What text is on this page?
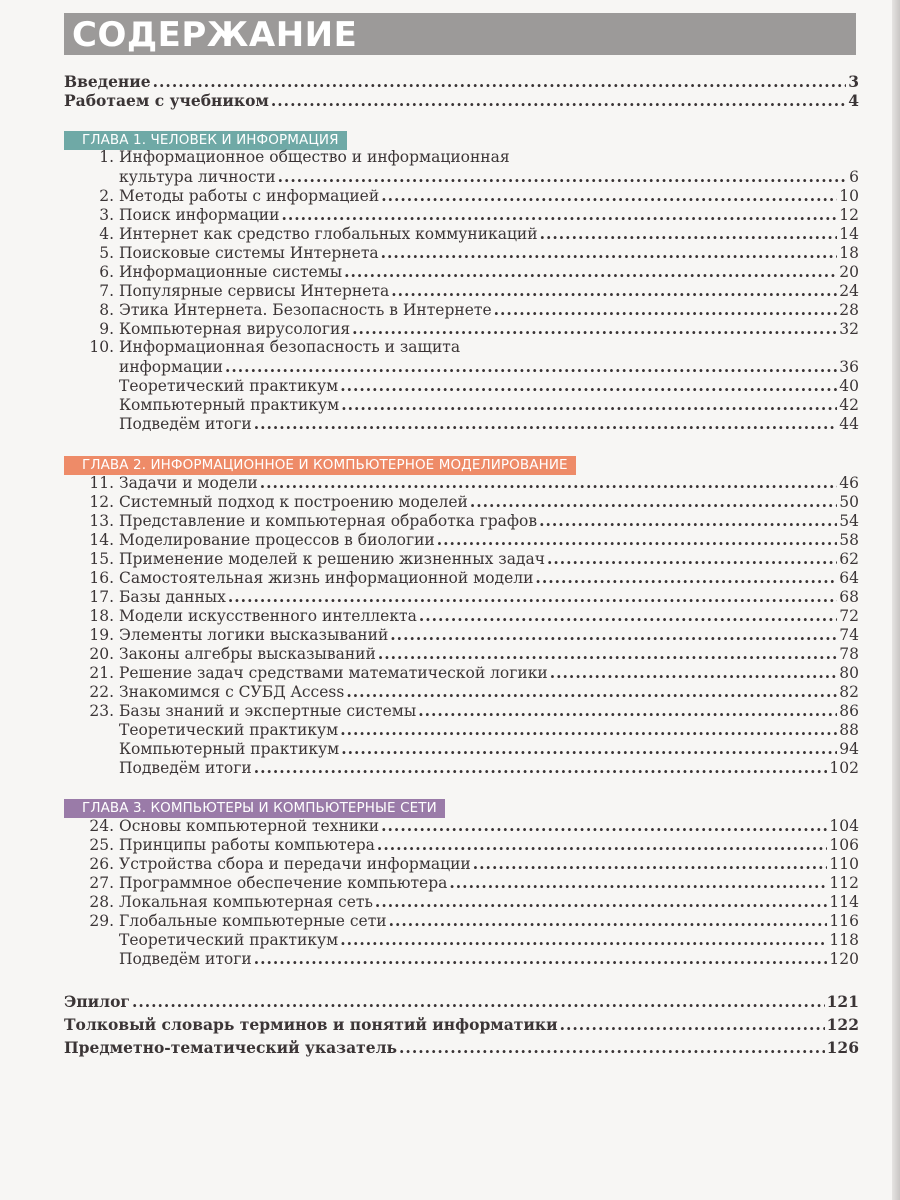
СОДЕРЖАНИЕ
Введение .....	3
Работаем с учебником .....	4
ГЛАВА 1. ЧЕЛОВЕК И ИНФОРМАЦИЯ
1. Информационное общество и информационная
культура личности .....	6
2. Методы работы с информацией .....	10
3. Поиск информации .....	12
4. Интернет как средство глобальных коммуникаций .....	14
5. Поисковые системы Интернета .....	18
6. Информационные системы .....	20
7. Популярные сервисы Интернета .....	24
8. Этика Интернета. Безопасность в Интернете .....	28
9. Компьютерная вирусология .....	32
10. Информационная безопасность и защита
информации .....	36
Теоретический практикум .....	40
Компьютерный практикум .....	42
Подведём итоги .....	44
ГЛАВА 2. ИНФОРМАЦИОННОЕ И КОМПЬЮТЕРНОЕ МОДЕЛИРОВАНИЕ
11. Задачи и модели .....	46
12. Системный подход к построению моделей .....	50
13. Представление и компьютерная обработка графов .....	54
14. Моделирование процессов в биологии .....	58
15. Применение моделей к решению жизненных задач .....	62
16. Самостоятельная жизнь информационной модели .....	64
17. Базы данных .....	68
18. Модели искусственного интеллекта .....	72
19. Элементы логики высказываний .....	74
20. Законы алгебры высказываний .....	78
21. Решение задач средствами математической логики .....	80
22. Знакомимся с СУБД Access .....	82
23. Базы знаний и экспертные системы .....	86
Теоретический практикум .....	88
Компьютерный практикум .....	94
Подведём итоги .....	102
ГЛАВА 3. КОМПЬЮТЕРЫ И КОМПЬЮТЕРНЫЕ СЕТИ
24. Основы компьютерной техники .....	104
25. Принципы работы компьютера .....	106
26. Устройства сбора и передачи информации .....	110
27. Программное обеспечение компьютера .....	112
28. Локальная компьютерная сеть .....	114
29. Глобальные компьютерные сети .....	116
Теоретический практикум .....	118
Подведём итоги .....	120
Эпилог .....	121
Толковый словарь терминов и понятий информатики .....	122
Предметно-тематический указатель .....	126
